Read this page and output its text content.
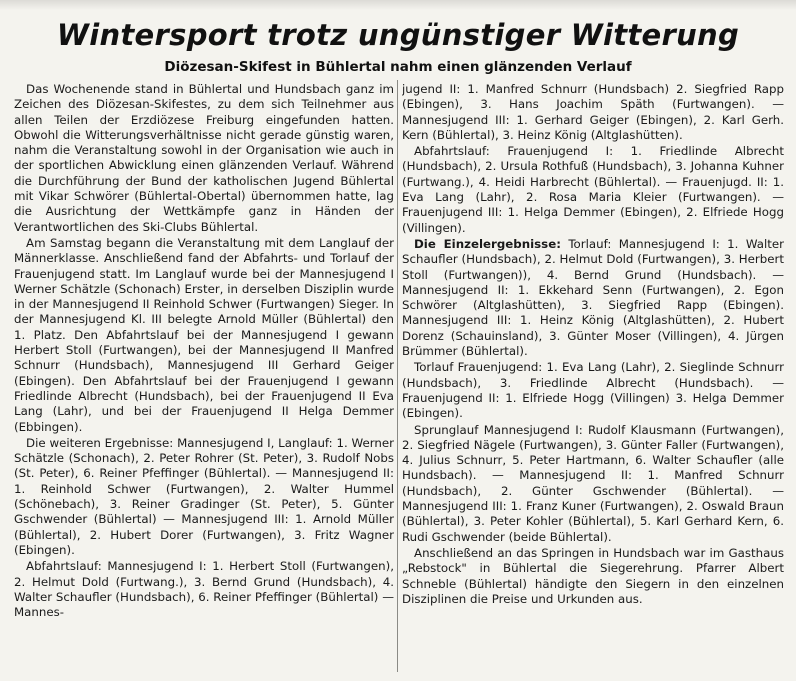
Wintersport trotz ungünstiger Witterung
Diözesan-Skifest in Bühlertal nahm einen glänzenden Verlauf

Das Wochenende stand in Bühlertal und Hundsbach ganz im Zeichen des Diözesan-Skifestes, zu dem sich Teilnehmer aus allen Teilen der Erzdiözese Freiburg eingefunden hatten. Obwohl die Witterungsverhältnisse nicht gerade günstig waren, nahm die Veranstaltung sowohl in der Organisation wie auch in der sportlichen Abwicklung einen glänzenden Verlauf. Während die Durchführung der Bund der katholischen Jugend Bühlertal mit Vikar Schwörer (Bühlertal-Obertal) übernommen hatte, lag die Ausrichtung der Wettkämpfe ganz in Händen der Verantwortlichen des Ski-Clubs Bühlertal.

Am Samstag begann die Veranstaltung mit dem Langlauf der Männerklasse. Anschließend fand der Abfahrts- und Torlauf der Frauenjugend statt. Im Langlauf wurde bei der Mannesjugend I Werner Schätzle (Schonach) Erster, in derselben Disziplin wurde in der Mannesjugend II Reinhold Schwer (Furtwangen) Sieger. In der Mannesjugend Kl. III belegte Arnold Müller (Bühlertal) den 1. Platz. Den Abfahrtslauf bei der Mannesjugend I gewann Herbert Stoll (Furtwangen), bei der Mannesjugend II Manfred Schnurr (Hundsbach), Mannesjugend III Gerhard Geiger (Ebingen). Den Abfahrtslauf bei der Frauenjugend I gewann Friedlinde Albrecht (Hundsbach), bei der Frauenjugend II Eva Lang (Lahr), und bei der Frauenjugend II Helga Demmer (Ebbingen).

Die weiteren Ergebnisse: Mannesjugend I, Langlauf: 1. Werner Schätzle (Schonach), 2. Peter Rohrer (St. Peter), 3. Rudolf Nobs (St. Peter), 6. Reiner Pfeffinger (Bühlertal). — Mannesjugend II: 1. Reinhold Schwer (Furtwangen), 2. Walter Hummel (Schönebach), 3. Reiner Gradinger (St. Peter), 5. Günter Gschwender (Bühlertal) — Mannesjugend III: 1. Arnold Müller (Bühlertal), 2. Hubert Dorer (Furtwangen), 3. Fritz Wagner (Ebingen).

Abfahrtslauf: Mannesjugend I: 1. Herbert Stoll (Furtwangen), 2. Helmut Dold (Furtwang.), 3. Bernd Grund (Hundsbach), 4. Walter Schaufler (Hundsbach), 6. Reiner Pfeffinger (Bühlertal) — Mannes-

jugend II: 1. Manfred Schnurr (Hundsbach) 2. Siegfried Rapp (Ebingen), 3. Hans Joachim Späth (Furtwangen). — Mannesjugend III: 1. Gerhard Geiger (Ebingen), 2. Karl Gerh. Kern (Bühlertal), 3. Heinz König (Altglashütten).

Abfahrtslauf: Frauenjugend I: 1. Friedlinde Albrecht (Hundsbach), 2. Ursula Rothfuß (Hundsbach), 3. Johanna Kuhner (Furtwang.), 4. Heidi Harbrecht (Bühlertal). — Frauenjugd. II: 1. Eva Lang (Lahr), 2. Rosa Maria Kleier (Furtwangen). — Frauenjugend III: 1. Helga Demmer (Ebingen), 2. Elfriede Hogg (Villingen).

Die Einzelergebnisse: Torlauf: Mannesjugend I: 1. Walter Schaufler (Hundsbach), 2. Helmut Dold (Furtwangen), 3. Herbert Stoll (Furtwangen)), 4. Bernd Grund (Hundsbach). — Mannesjugend II: 1. Ekkehard Senn (Furtwangen), 2. Egon Schwörer (Altglashütten), 3. Siegfried Rapp (Ebingen). Mannesjugend III: 1. Heinz König (Altglashütten), 2. Hubert Dorenz (Schauinsland), 3. Günter Moser (Villingen), 4. Jürgen Brümmer (Bühlertal).

Torlauf Frauenjugend: 1. Eva Lang (Lahr), 2. Sieglinde Schnurr (Hundsbach), 3. Friedlinde Albrecht (Hundsbach). — Frauenjugend II: 1. Elfriede Hogg (Villingen) 3. Helga Demmer (Ebingen).

Sprunglauf Mannesjugend I: Rudolf Klausmann (Furtwangen), 2. Siegfried Nägele (Furtwangen), 3. Günter Faller (Furtwangen), 4. Julius Schnurr, 5. Peter Hartmann, 6. Walter Schaufler (alle Hundsbach). — Mannesjugend II: 1. Manfred Schnurr (Hundsbach), 2. Günter Gschwender (Bühlertal). — Mannesjugend III: 1. Franz Kuner (Furtwangen), 2. Oswald Braun (Bühlertal), 3. Peter Kohler (Bühlertal), 5. Karl Gerhard Kern, 6. Rudi Gschwender (beide Bühlertal).

Anschließend an das Springen in Hundsbach war im Gasthaus „Rebstock" in Bühlertal die Siegerehrung. Pfarrer Albert Schneble (Bühlertal) händigte den Siegern in den einzelnen Disziplinen die Preise und Urkunden aus.
